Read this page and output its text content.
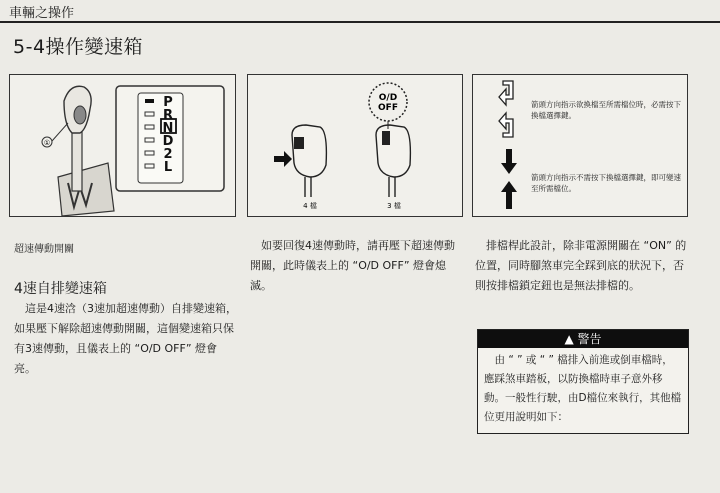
車輛之操作
5-4操作變速箱
①
P
R
N
D
2
L
O/D
OFF
4 檔	3 檔
箭頭方向指示欲換檔至所需檔位時，必需按下換檔選擇鍵。
箭頭方向指示不需按下換檔選擇鍵，即可變速至所需檔位。
超速傳動開關
4速自排變速箱
　這是4速浛（3速加超速傳動）自排變速箱，如果壓下解除超速傳動開關，這個變速箱只保有3速傳動，且儀表上的 “O/D OFF” 燈會亮。
　如要回復4速傳動時，請再壓下超速傳動開關，此時儀表上的 “O/D OFF” 燈會熄滅。
　排檔桿此設計，除非電源開關在 “ON” 的位置，同時腳煞車完全踩到底的狀況下，否則按排檔鎖定鈕也是無法排檔的。
▲ 警告
　由 “ ” 或 “ ” 檔排入前進或倒車檔時，應踩煞車踏板，以防換檔時車子意外移動。一般性行駛，由D檔位來執行，其他檔位更用說明如下：
